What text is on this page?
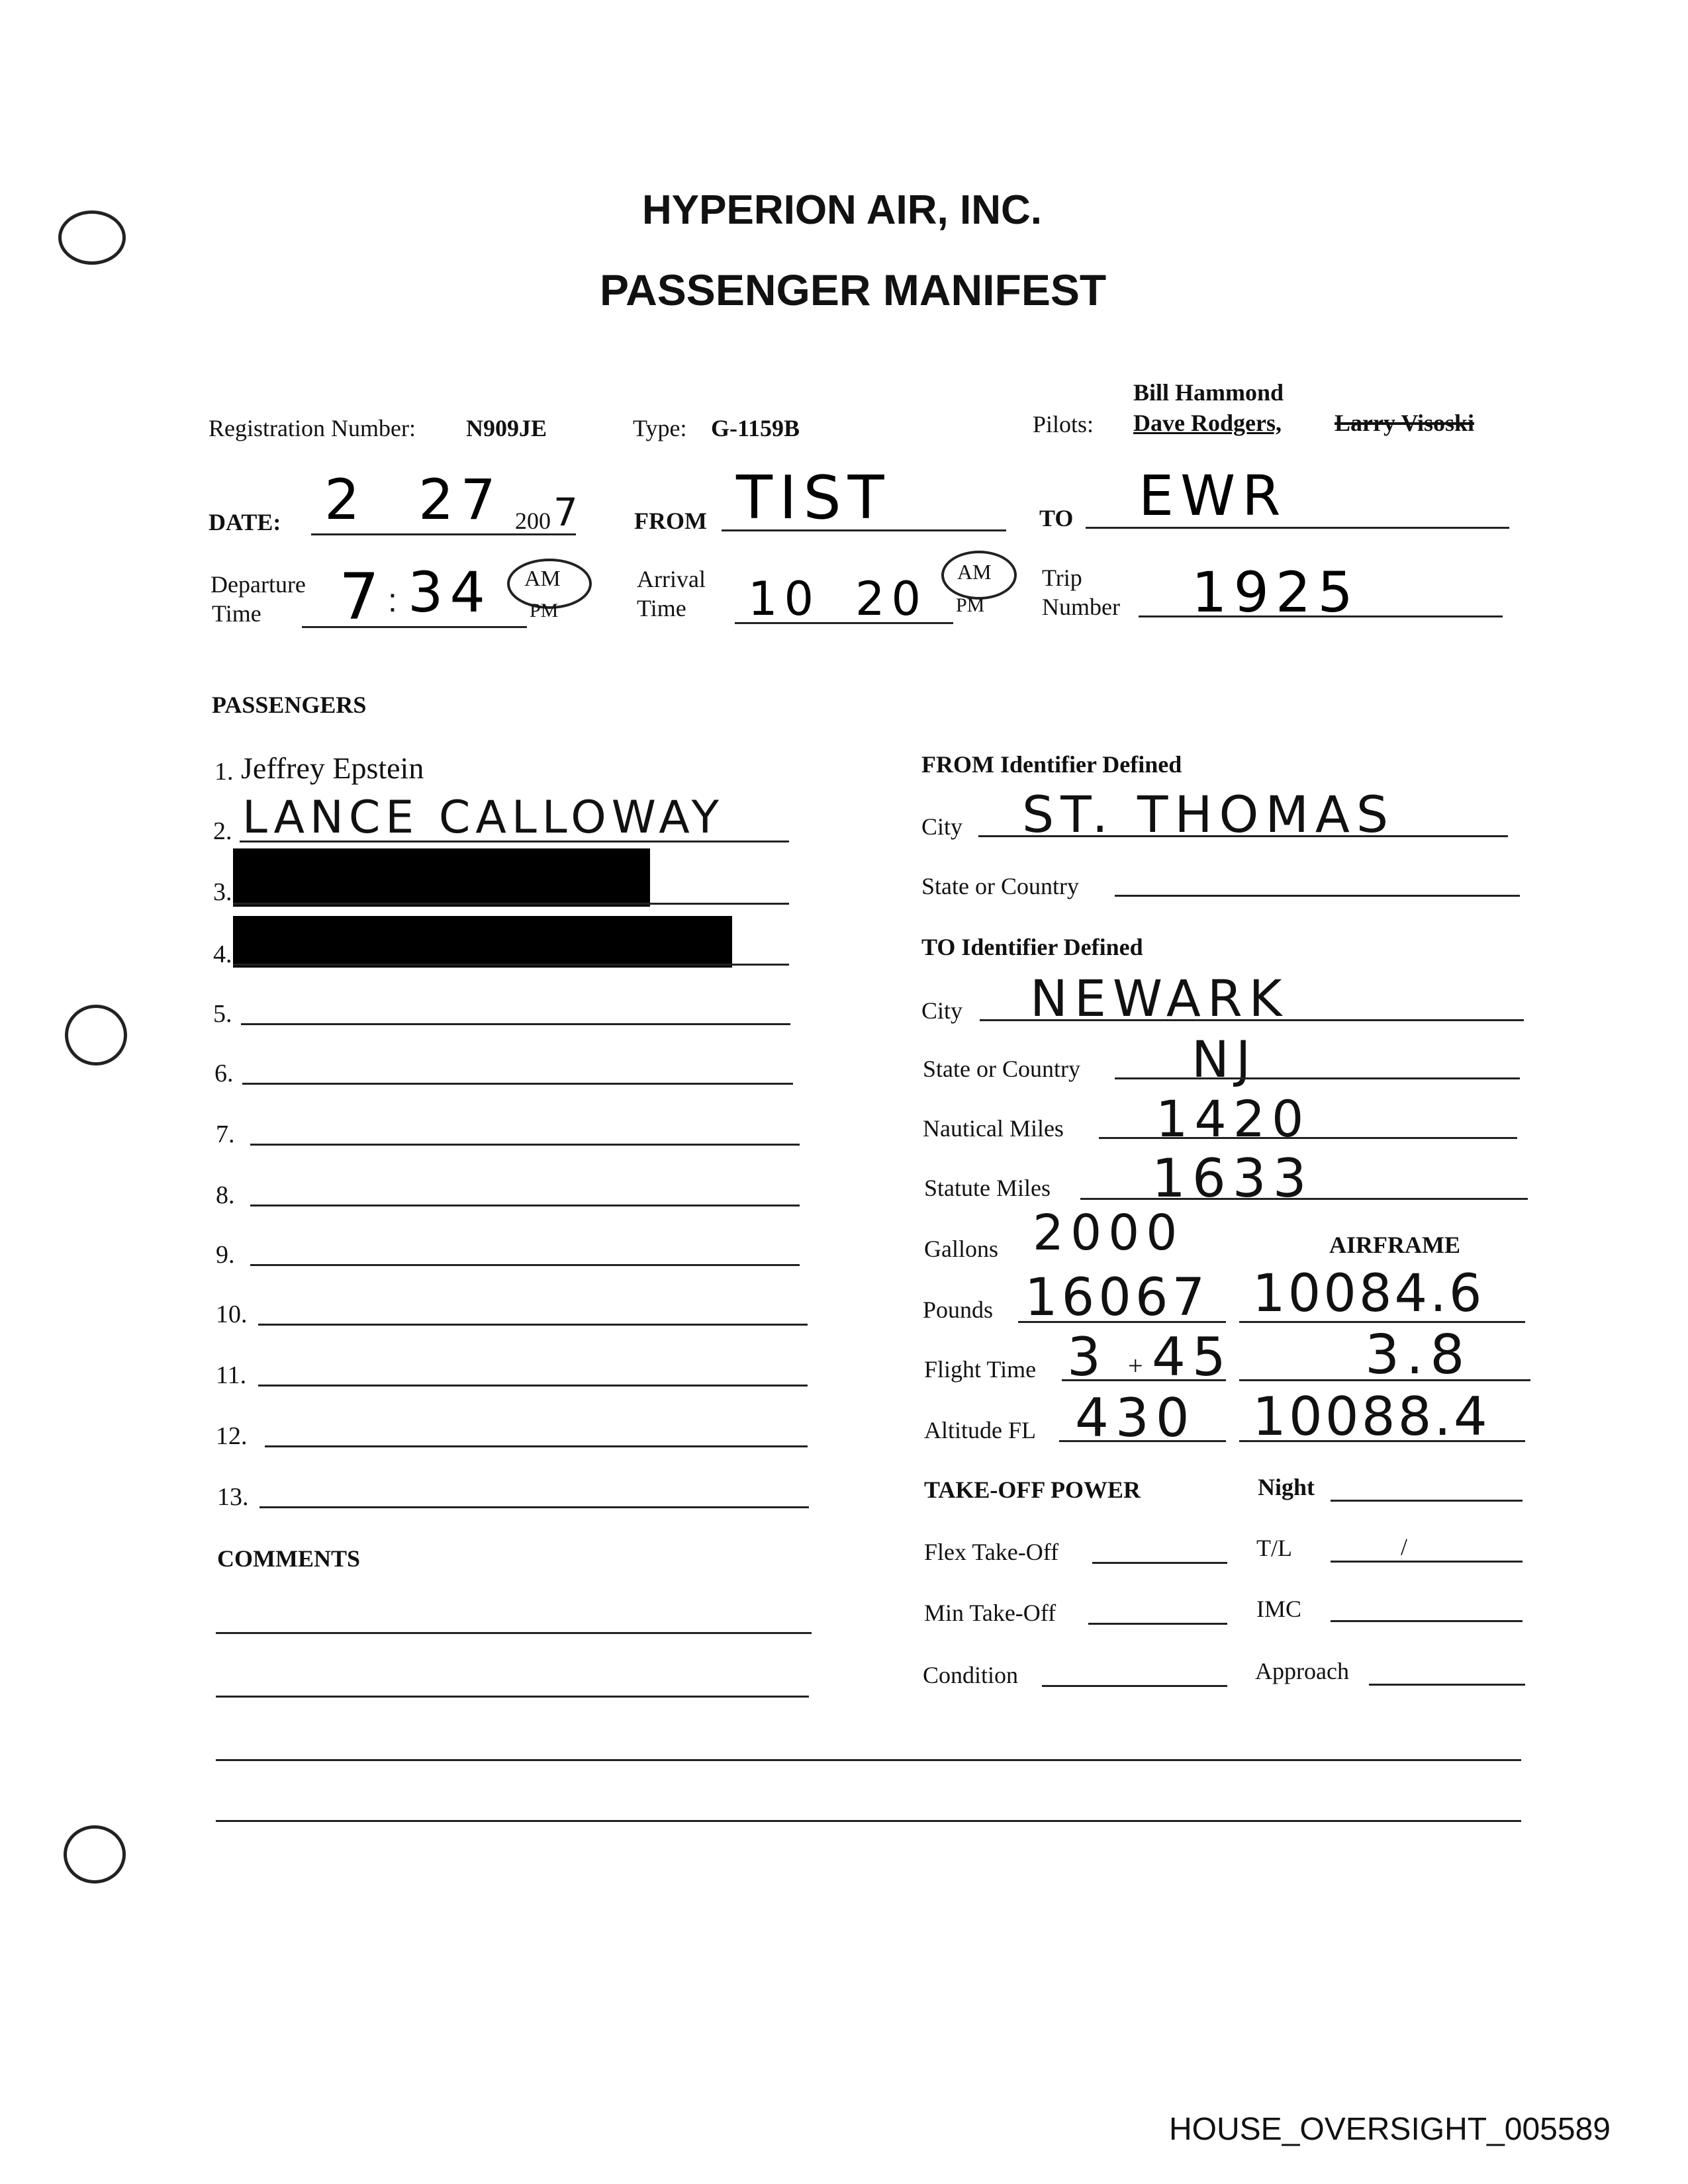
HYPERION AIR, INC.
PASSENGER MANIFEST
Registration Number: N909JE	Type: G-1159B	Pilots:
Bill Hammond
Dave Rodgers, Larry Visoski
DATE: 2 27 200 7 FROM TIST	TO EWR
Departure
Time 7 : 34 AM
PM
Arrival
Time 10 20 AM
PM
Trip
Number 1925
PASSENGERS
1. Jeffrey Epstein
2. LANCE CALLOWAY
3.
4.
5.
6.
7.
8.
9.
10.
11.
12.
13.
COMMENTS
FROM Identifier Defined
City ST. THOMAS
State or Country
TO Identifier Defined
City NEWARK
State or Country NJ
Nautical Miles 1420
Statute Miles 1633
Gallons 2000	AIRFRAME
Pounds 16067 10084.6
Flight Time 3 + 45 3.8
Altitude FL 430 10088.4
TAKE-OFF POWER	Night
Flex Take-Off	T/L	/
Min Take-Off	IMC
Condition	Approach
HOUSE_OVERSIGHT_005589
